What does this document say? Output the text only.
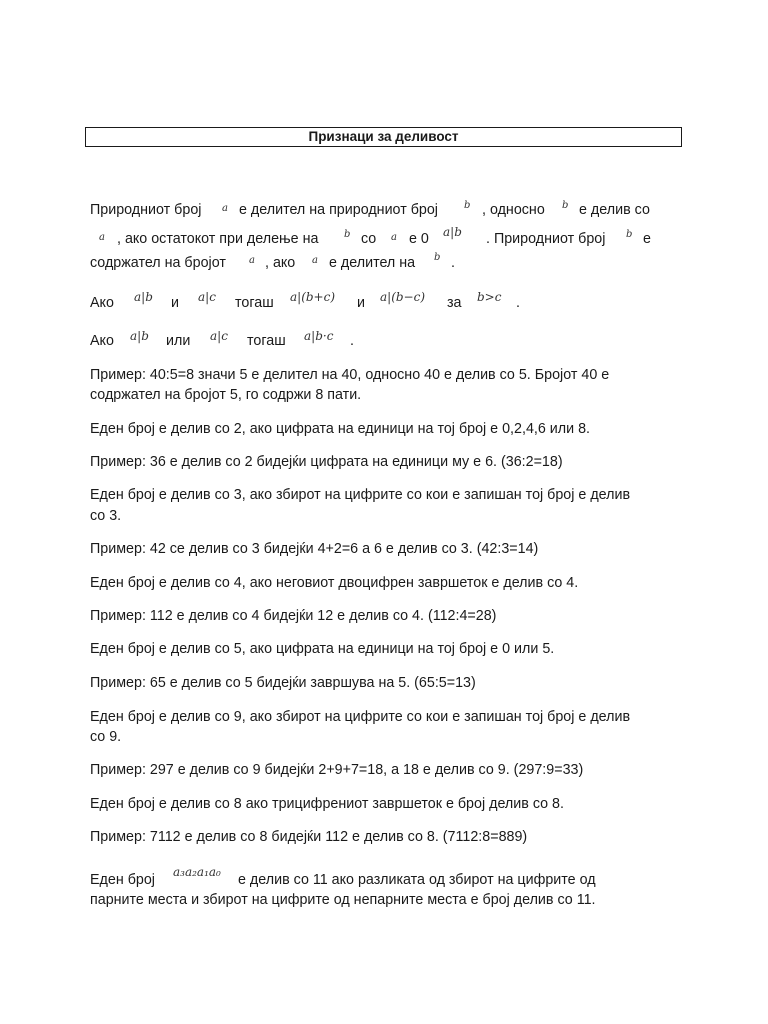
Признаци за деливост
Природниот број a е делител на природниот број	b , односно b е делив со
a , ако остатокот при делење на	b со a е 0 a|b . Природниот број b е
содржател на бројот a , ако a е делител на b .
Ако a|b и a|c тогаш a|(b+c) и a|(b−c) за b>c .
Ако a|b или a|c тогаш a|b·c .
Пример: 40:5=8 значи 5 е делител на 40, односно 40 е делив со 5. Бројот 40 е
содржател на бројот 5, го содржи 8 пати.
Еден број е делив со 2, ако цифрата на единици на тој број е 0,2,4,6 или 8.
Пример: 36 е делив со 2 бидејќи цифрата на единици му е 6. (36:2=18)
Еден број е делив со 3, ако збирот на цифрите со кои е запишан тој број е делив
со 3.
Пример: 42 се делив со 3 бидејќи 4+2=6 а 6 е делив со 3. (42:3=14)
Еден број е делив со 4, ако неговиот двоцифрен завршеток е делив со 4.
Пример: 112 е делив со 4 бидејќи 12 е делив со 4. (112:4=28)
Еден број е делив со 5, ако цифрата на единици на тој број е 0 или 5.
Пример: 65 е делив со 5 бидејќи завршува на 5. (65:5=13)
Еден број е делив со 9, ако збирот на цифрите со кои е запишан тој број е делив
со 9.
Пример: 297 е делив со 9 бидејќи 2+9+7=18, а 18 е делив со 9. (297:9=33)
Еден број е делив со 8 ако трицифрениот завршеток е број делив со 8.
Пример: 7112 е делив со 8 бидејќи 112 е делив со 8. (7112:8=889)
Еден број a₃a₂a₁a₀ е делив со 11 ако разликата од збирот на цифрите од
парните места и збирот на цифрите од непарните места е број делив со 11.
